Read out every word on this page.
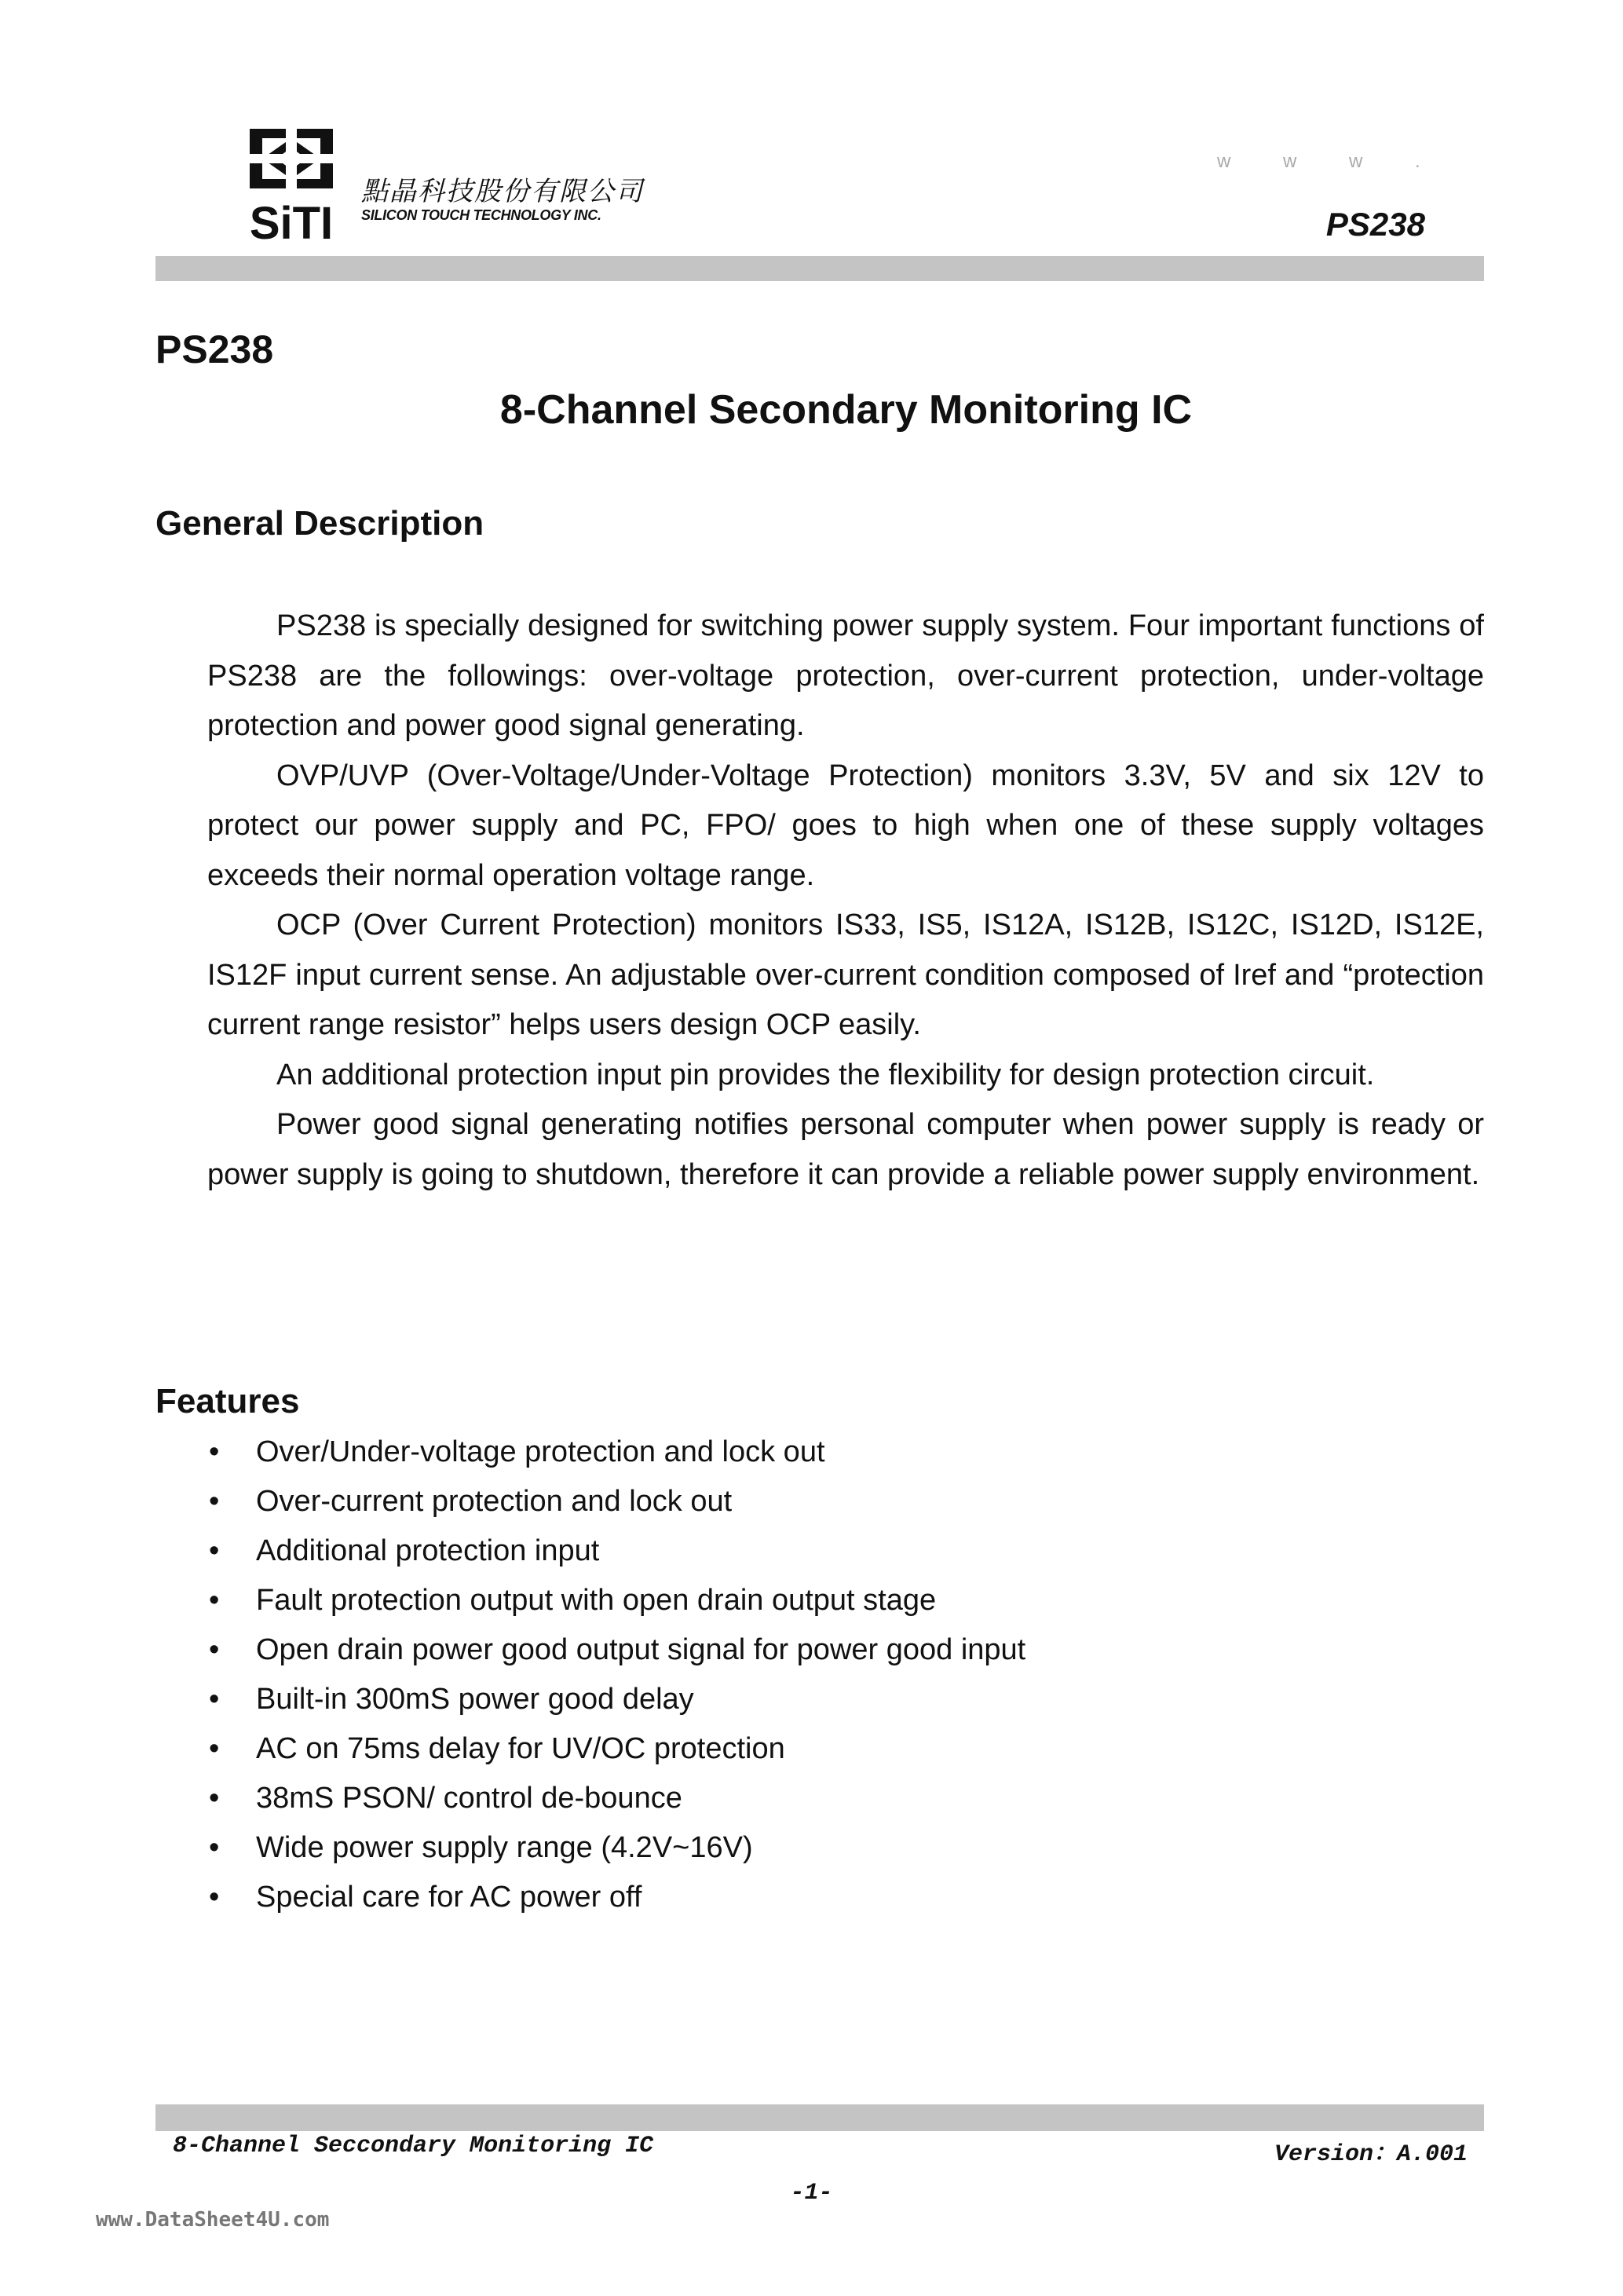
SiTI
點晶科技股份有限公司
SILICON TOUCH TECHNOLOGY INC.
w w w .
PS238
PS238
8-Channel Secondary Monitoring IC
General Description

PS238 is specially designed for switching power supply system. Four important functions of PS238 are the followings: over-voltage protection, over-current protection, under-voltage protection and power good signal generating.

OVP/UVP (Over-Voltage/Under-Voltage Protection) monitors 3.3V, 5V and six 12V to protect our power supply and PC, FPO/ goes to high when one of these supply voltages exceeds their normal operation voltage range.

OCP (Over Current Protection) monitors IS33, IS5, IS12A, IS12B, IS12C, IS12D, IS12E, IS12F input current sense. An adjustable over-current condition composed of Iref and “protection current range resistor” helps users design OCP easily.

An additional protection input pin provides the flexibility for design protection circuit.

Power good signal generating notifies personal computer when power supply is ready or power supply is going to shutdown, therefore it can provide a reliable power supply environment.

Features
• Over/Under-voltage protection and lock out
• Over-current protection and lock out
• Additional protection input
• Fault protection output with open drain output stage
• Open drain power good output signal for power good input
• Built-in 300mS power good delay
• AC on 75ms delay for UV/OC protection
• 38mS PSON/ control de-bounce
• Wide power supply range (4.2V~16V)
• Special care for AC power off
8-Channel Seccondary Monitoring IC	Version：A.001
-1-
www.DataSheet4U.com
